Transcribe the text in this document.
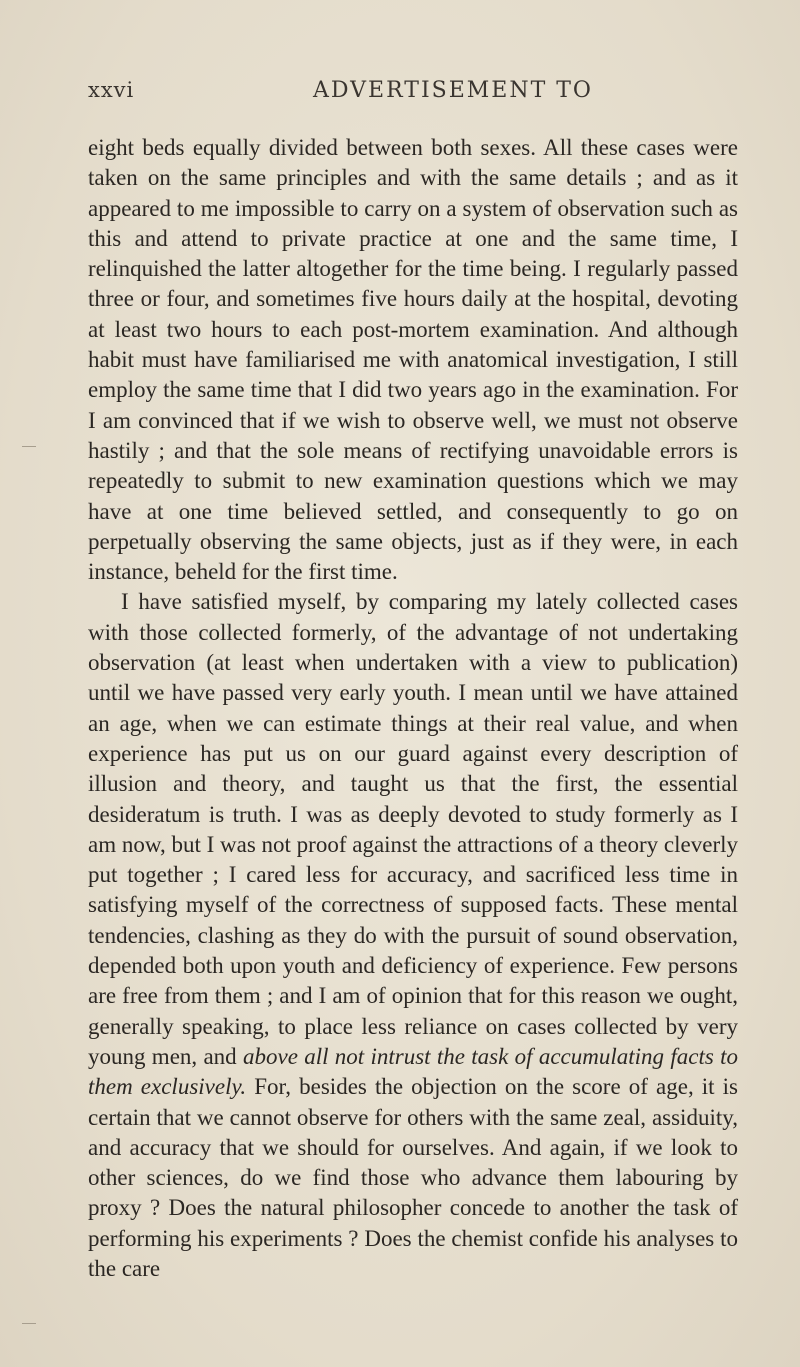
xxvi	ADVERTISEMENT TO

eight beds equally divided between both sexes. All these cases were taken on the same principles and with the same details ; and as it appeared to me impossible to carry on a system of observation such as this and attend to private practice at one and the same time, I relinquished the latter altogether for the time being. I regularly passed three or four, and sometimes five hours daily at the hospital, devoting at least two hours to each post-mortem examination. And although habit must have familiarised me with anatomical investigation, I still employ the same time that I did two years ago in the examination. For I am convinced that if we wish to observe well, we must not observe hastily ; and that the sole means of rectifying unavoidable errors is repeatedly to submit to new examination questions which we may have at one time believed settled, and consequently to go on perpetually observing the same objects, just as if they were, in each instance, beheld for the first time.

I have satisfied myself, by comparing my lately collected cases with those collected formerly, of the advantage of not undertaking observation (at least when undertaken with a view to publication) until we have passed very early youth. I mean until we have attained an age, when we can estimate things at their real value, and when experience has put us on our guard against every description of illusion and theory, and taught us that the first, the essential desideratum is truth. I was as deeply devoted to study formerly as I am now, but I was not proof against the attractions of a theory cleverly put together ; I cared less for accuracy, and sacrificed less time in satisfying myself of the correctness of supposed facts. These mental tendencies, clashing as they do with the pursuit of sound observation, depended both upon youth and deficiency of experience. Few persons are free from them ; and I am of opinion that for this reason we ought, generally speaking, to place less reliance on cases collected by very young men, and above all not intrust the task of accumulating facts to them exclusively. For, besides the objection on the score of age, it is certain that we cannot observe for others with the same zeal, assiduity, and accuracy that we should for ourselves. And again, if we look to other sciences, do we find those who advance them labouring by proxy ? Does the natural philosopher concede to another the task of performing his experiments ? Does the chemist confide his analyses to the care
